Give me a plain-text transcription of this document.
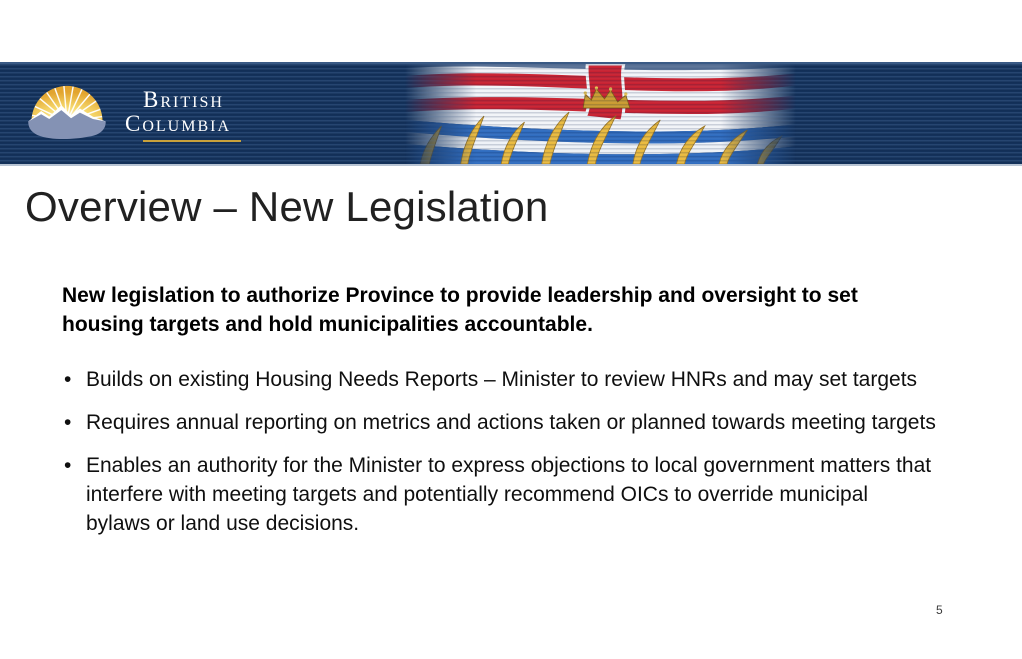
British
Columbia
Overview – New Legislation

New legislation to authorize Province to provide leadership and oversight to set housing targets and hold municipalities accountable.

• Builds on existing Housing Needs Reports – Minister to review HNRs and may set targets
• Requires annual reporting on metrics and actions taken or planned towards meeting targets
• Enables an authority for the Minister to express objections to local government matters that interfere with meeting targets and potentially recommend OICs to override municipal bylaws or land use decisions.
5
